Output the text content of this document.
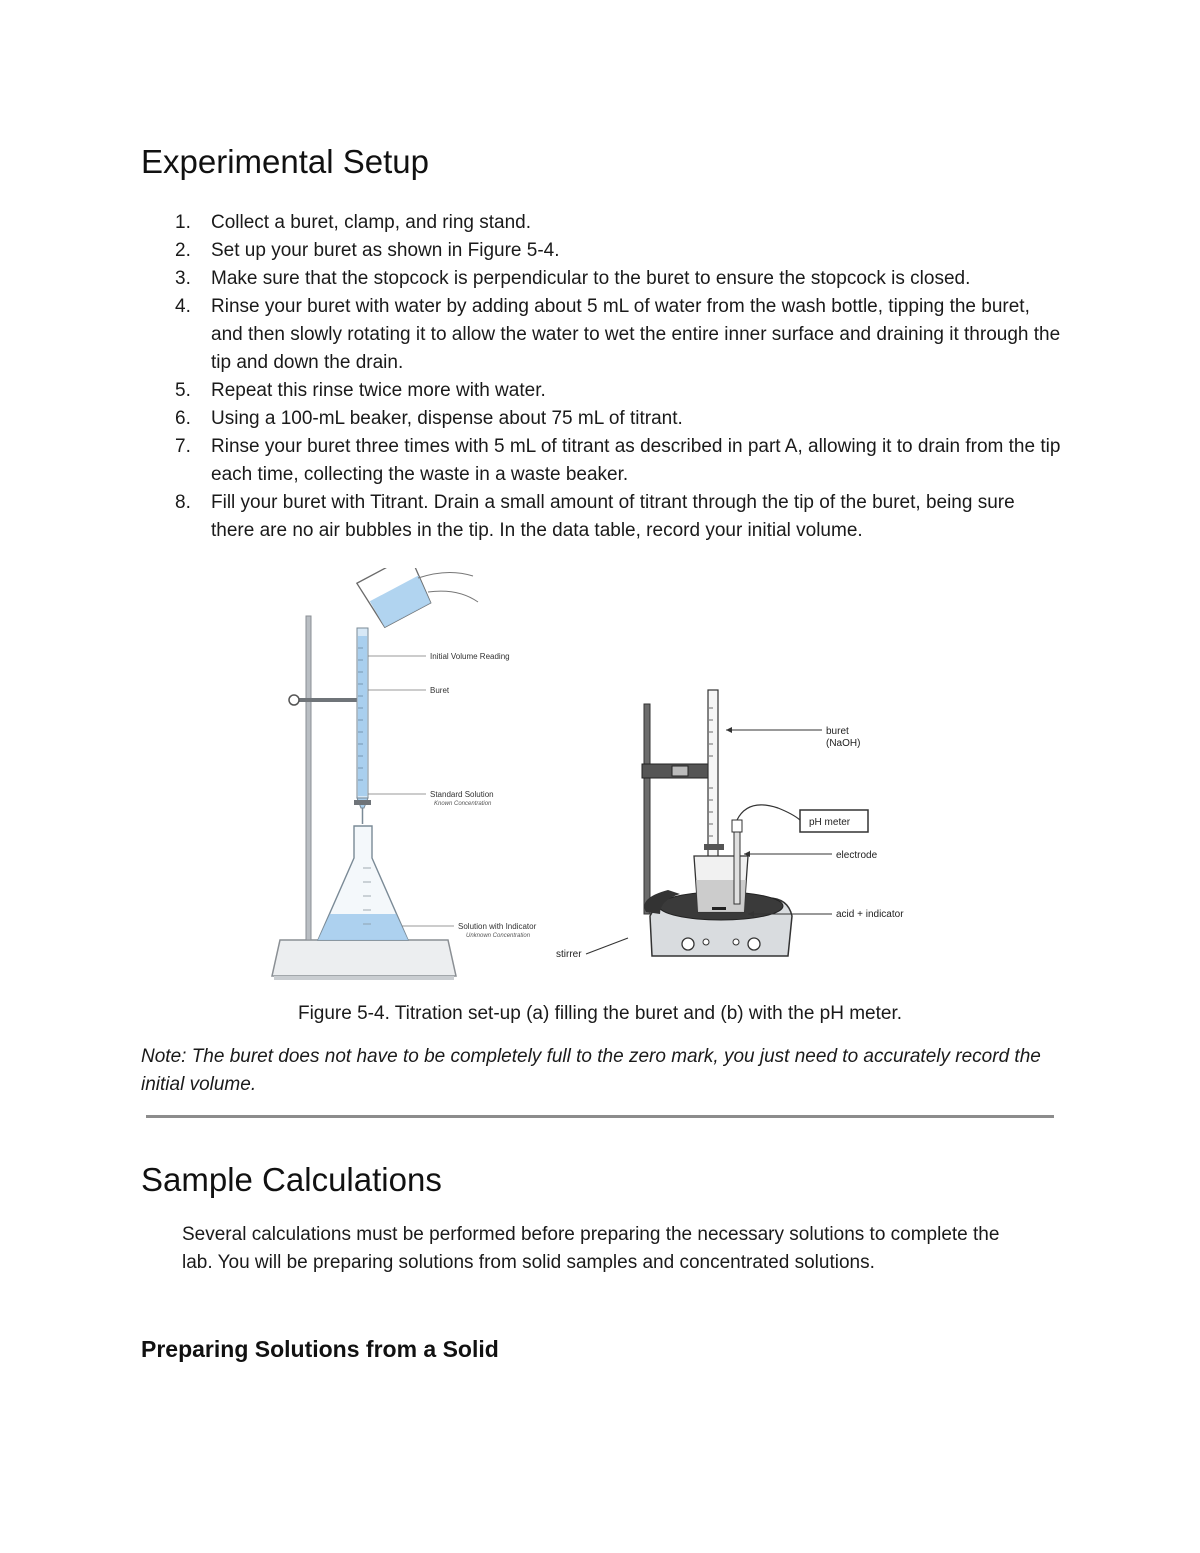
Experimental Setup
1.	Collect a buret, clamp, and ring stand.
2.	Set up your buret as shown in Figure 5-4.
3.	Make sure that the stopcock is perpendicular to the buret to ensure the stopcock is closed.
4.	Rinse your buret with water by adding about 5 mL of water from the wash bottle, tipping the buret, and then slowly rotating it to allow the water to wet the entire inner surface and draining it through the tip and down the drain.
5.	Repeat this rinse twice more with water.
6.	Using a 100-mL beaker, dispense about 75 mL of titrant.
7.	Rinse your buret three times with 5 mL of titrant as described in part A, allowing it to drain from the tip each time, collecting the waste in a waste beaker.
8.	Fill your buret with Titrant. Drain a small amount of titrant through the tip of the buret, being sure there are no air bubbles in the tip. In the data table, record your initial volume.
Initial Volume Reading
Buret
Standard Solution
Known Concentration
Solution with Indicator
Unknown Concentration
pH meter
buret
(NaOH)
electrode
acid + indicator
stirrer
Figure 5-4. Titration set-up (a) filling the buret and (b) with the pH meter.
Note: The buret does not have to be completely full to the zero mark, you just need to accurately record the initial volume.
Sample Calculations
Several calculations must be performed before preparing the necessary solutions to complete the lab. You will be preparing solutions from solid samples and concentrated solutions.
Preparing Solutions from a Solid
